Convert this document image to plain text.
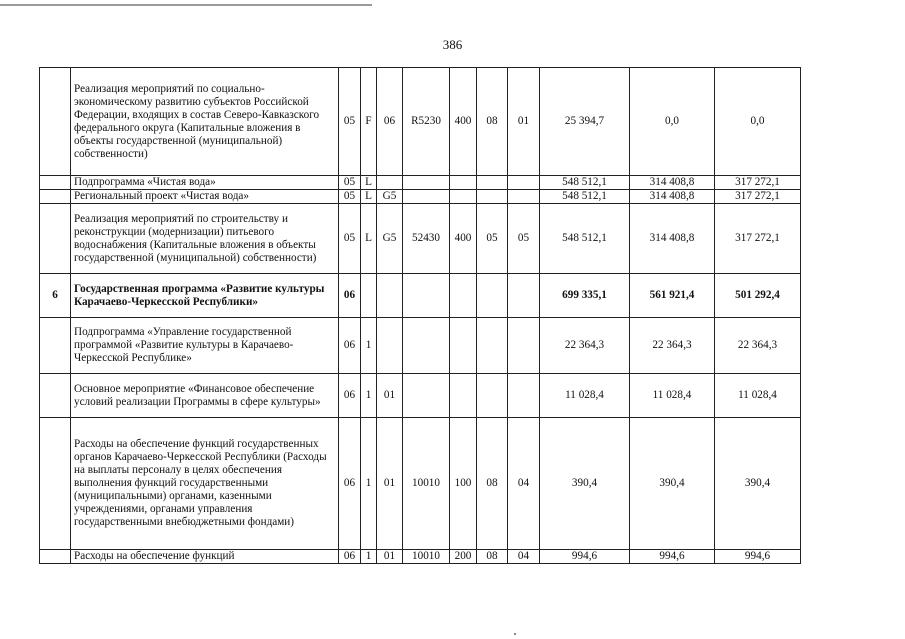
386
	Реализация мероприятий по социально-экономическому развитию субъектов Российской Федерации, входящих в состав Северо-Кавказского федерального округа (Капитальные вложения в объекты государственной (муниципальной) собственности)	05	F	06	R5230	400	08	01	25 394,7	0,0	0,0
	Подпрограмма «Чистая вода»	05	L						548 512,1	314 408,8	317 272,1
	Региональный проект «Чистая вода»	05	L	G5					548 512,1	314 408,8	317 272,1
	Реализация мероприятий по строительству и реконструкции (модернизации) питьевого водоснабжения (Капитальные вложения в объекты государственной (муниципальной) собственности)	05	L	G5	52430	400	05	05	548 512,1	314 408,8	317 272,1
6	Государственная программа «Развитие культуры Карачаево-Черкесской Республики»	06							699 335,1	561 921,4	501 292,4
	Подпрограмма «Управление государственной программой «Развитие культуры в Карачаево-Черкесской Республике»	06	1						22 364,3	22 364,3	22 364,3
	Основное мероприятие «Финансовое обеспечение условий реализации Программы в сфере культуры»	06	1	01					11 028,4	11 028,4	11 028,4
	Расходы на обеспечение функций государственных органов Карачаево-Черкесской Республики (Расходы на выплаты персоналу в целях обеспечения выполнения функций государственными (муниципальными) органами, казенными учреждениями, органами управления государственными внебюджетными фондами)	06	1	01	10010	100	08	04	390,4	390,4	390,4
	Расходы на обеспечение функций	06	1	01	10010	200	08	04	994,6	994,6	994,6
